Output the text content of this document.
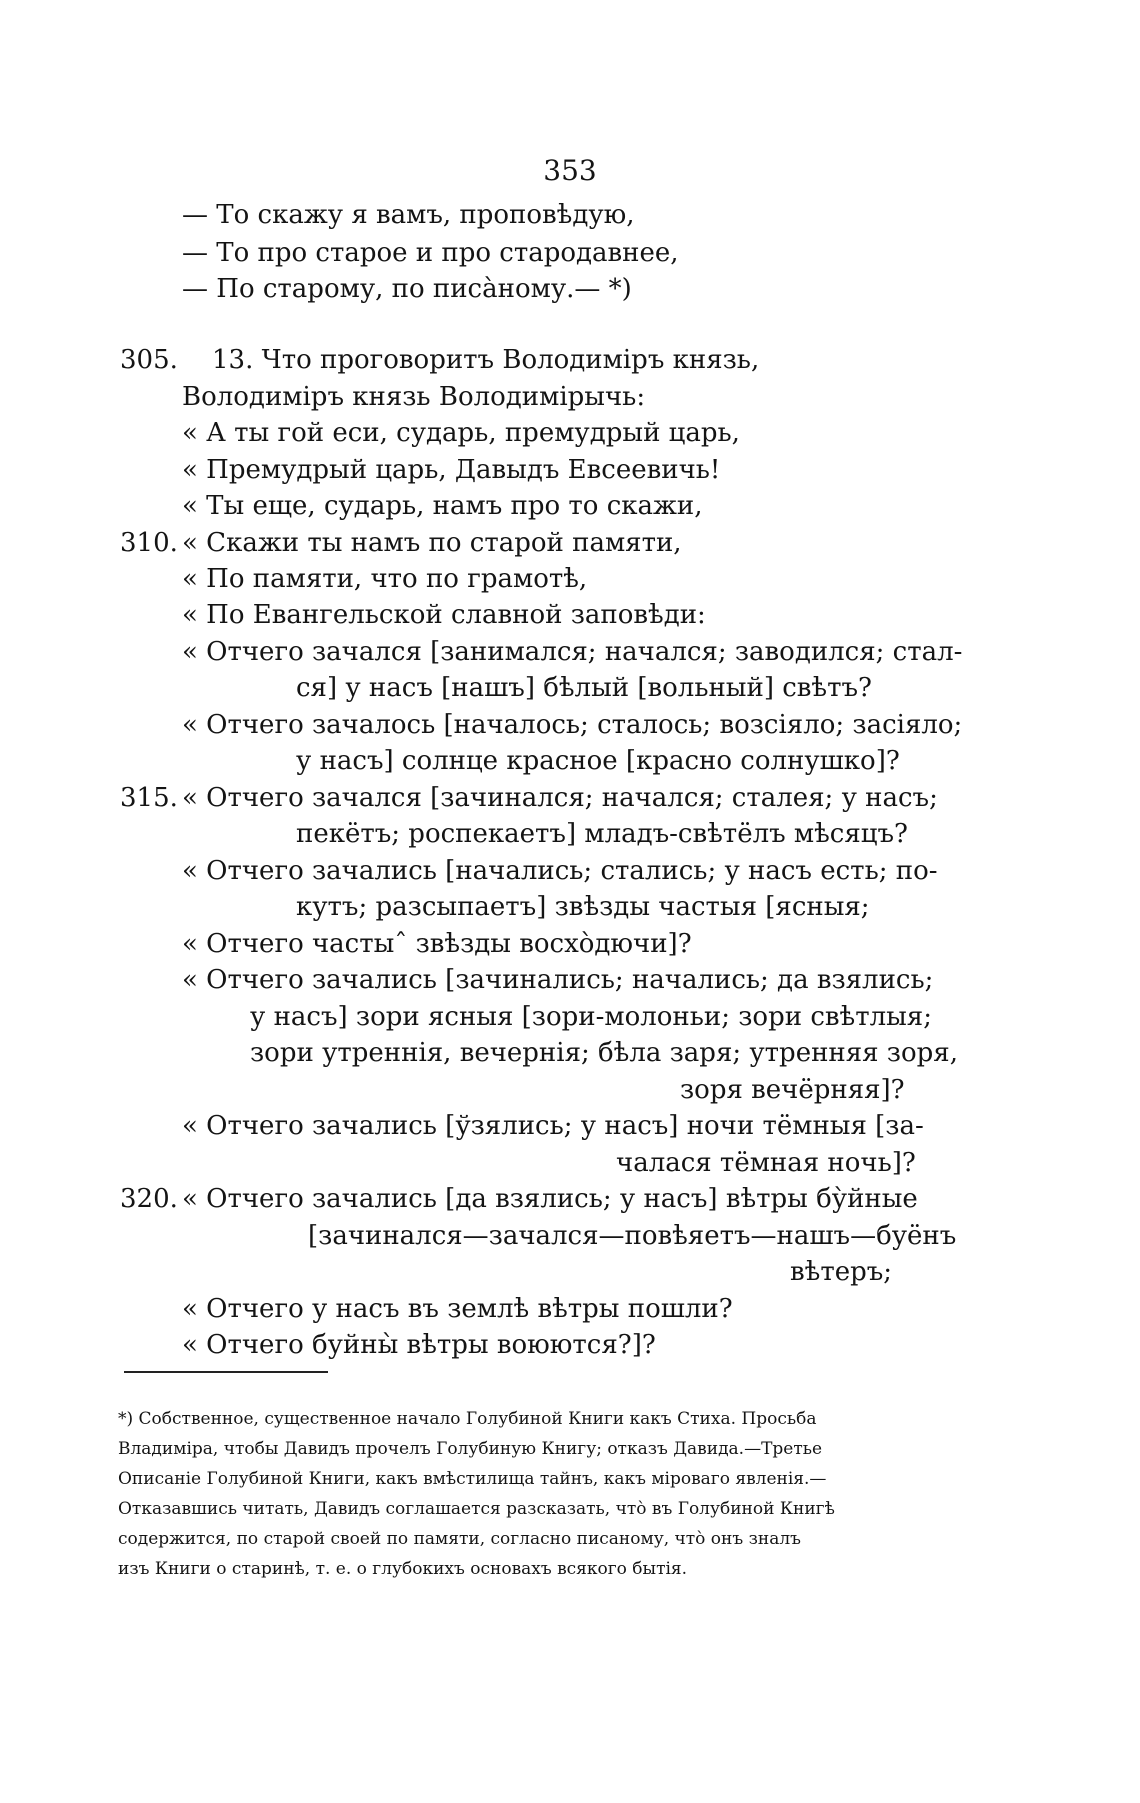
353
— То скажу я вамъ, проповѣдую,
— То про старое и про стародавнее,
— По старому, по писа̀ному.— *)
305. 13. Что проговоритъ Володиміръ князь,
Володиміръ князь Володимірычь:
« А ты гой еси, сударь, премудрый царь,
« Премудрый царь, Давыдъ Евсеевичь!
« Ты еще, сударь, намъ про то скажи,
310. « Скажи ты намъ по старой памяти,
« По памяти, что по грамотѣ,
« По Евангельской славной заповѣди:
« Отчего зачался [занимался; начался; заводился; стал-
ся] у насъ [нашъ] бѣлый [вольный] свѣтъ?
« Отчего зачалось [началось; сталось; возсіяло; засіяло;
у насъ] солнце красное [красно солнушко]?
315. « Отчего зачался [зачинался; начался; сталея; у насъ;
пекётъ; роспекаетъ] младъ-свѣтёлъ мѣсяцъ?
« Отчего зачались [начались; стались; у насъ есть; по-
кутъ; разсыпаетъ] звѣзды частыя [ясныя;
« Отчего частыˆ звѣзды восхо̀дючи]?
« Отчего зачались [зачинались; начались; да взялись;
у насъ] зори ясныя [зори-молоньи; зори свѣтлыя;
зори утреннія, вечернія; бѣла заря; утренняя зоря,
зоря вечёрняя]?
« Отчего зачались [ўзялись; у насъ] ночи тёмныя [за-
чалася тёмная ночь]?
320. « Отчего зачались [да взялись; у насъ] вѣтры бу̀йные
[зачинался—зачался—повѣяетъ—нашъ—буёнъ
вѣтеръ;
« Отчего у насъ въ землѣ вѣтры пошли?
« Отчего буйны̀ вѣтры воюются?]?
*) Собственное, существенное начало Голубиной Книги какъ Стиха. Просьба
Владиміра, чтобы Давидъ прочелъ Голубиную Книгу; отказъ Давида.—Третье
Описаніе Голубиной Книги, какъ вмѣстилища тайнъ, какъ міроваго явленія.—
Отказавшись читать, Давидъ соглашается разсказать, что̀ въ Голубиной Книгѣ
содержится, по старой своей по памяти, согласно писаному, что̀ онъ зналъ
изъ Книги о старинѣ, т. е. о глубокихъ основахъ всякого бытія.
